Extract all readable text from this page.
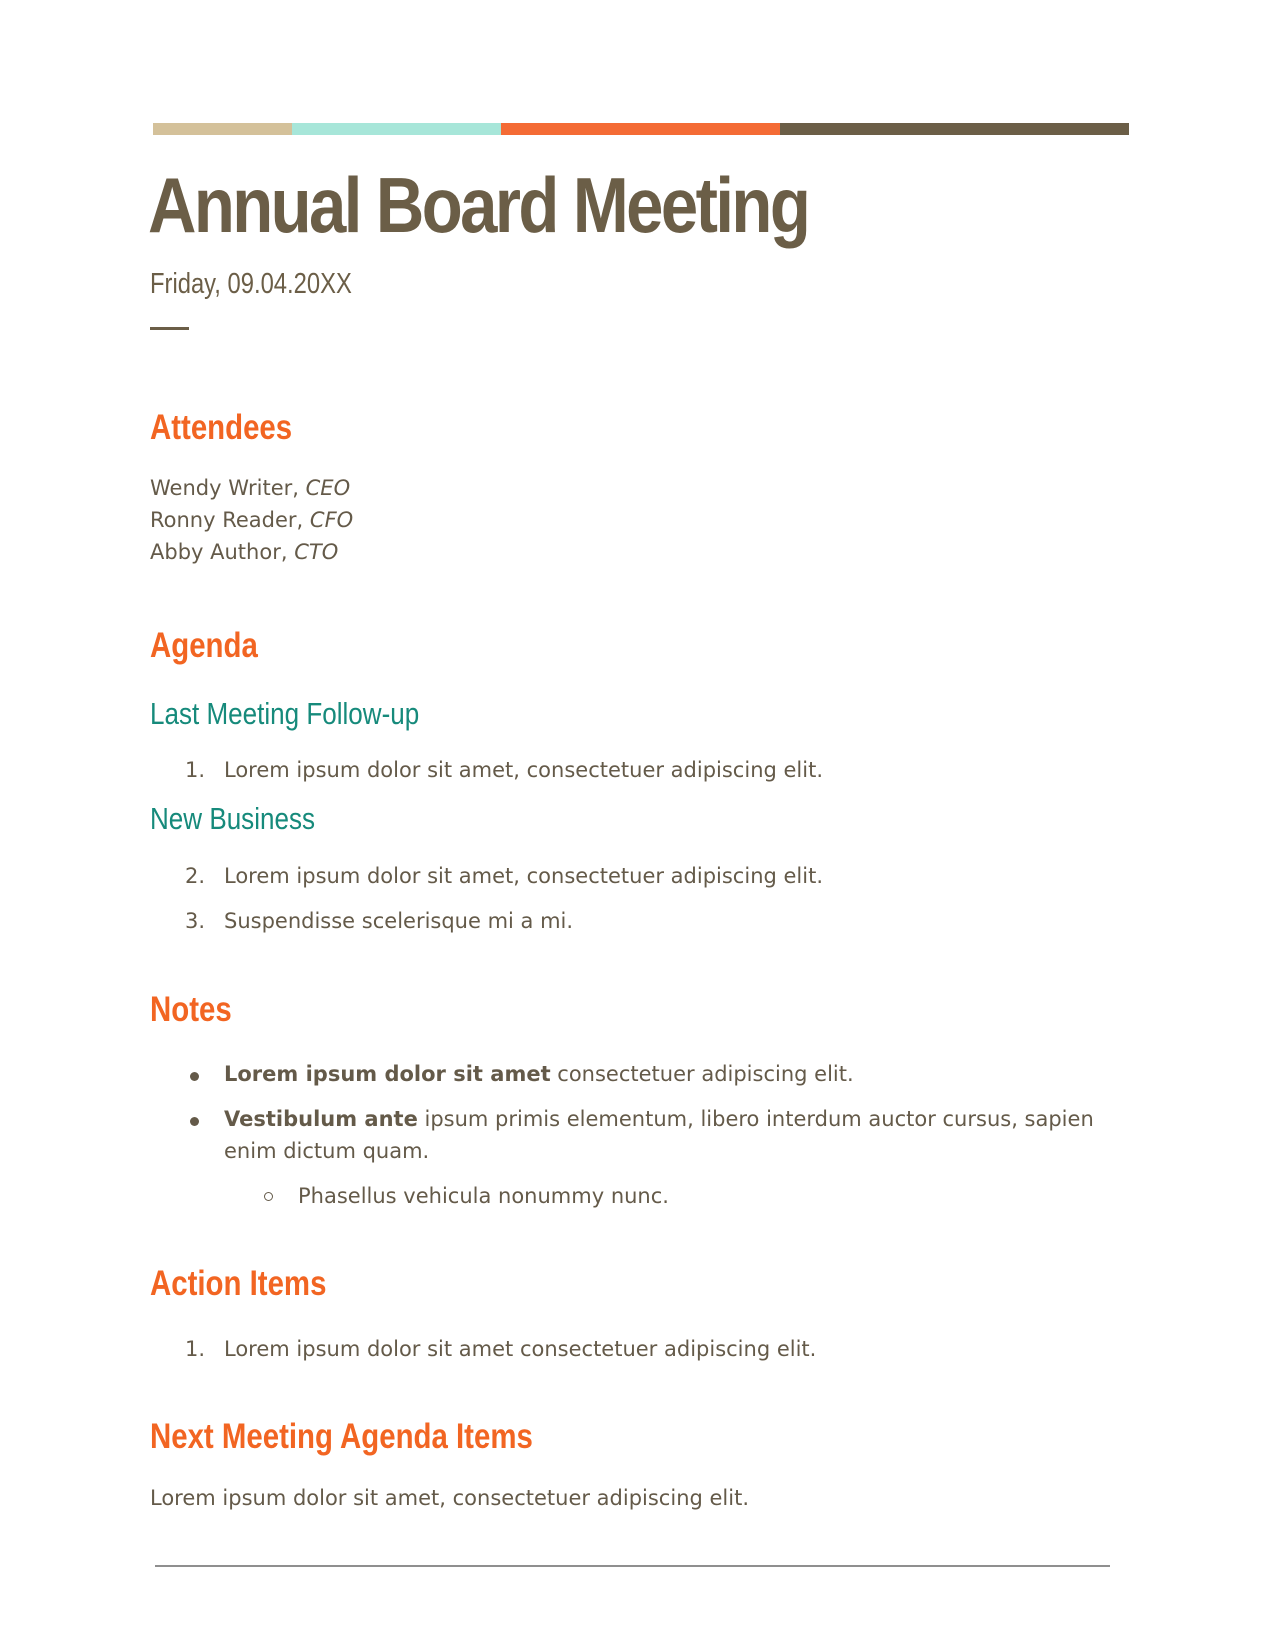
Annual Board Meeting
Friday, 09.04.20XX
Attendees
Wendy Writer, CEO
Ronny Reader, CFO
Abby Author, CTO
Agenda
Last Meeting Follow-up
1. Lorem ipsum dolor sit amet, consectetuer adipiscing elit.
New Business
2. Lorem ipsum dolor sit amet, consectetuer adipiscing elit.
3. Suspendisse scelerisque mi a mi.
Notes
Lorem ipsum dolor sit amet consectetuer adipiscing elit.
Vestibulum ante ipsum primis elementum, libero interdum auctor cursus, sapien
enim dictum quam.
Phasellus vehicula nonummy nunc.
Action Items
1. Lorem ipsum dolor sit amet consectetuer adipiscing elit.
Next Meeting Agenda Items
Lorem ipsum dolor sit amet, consectetuer adipiscing elit.
